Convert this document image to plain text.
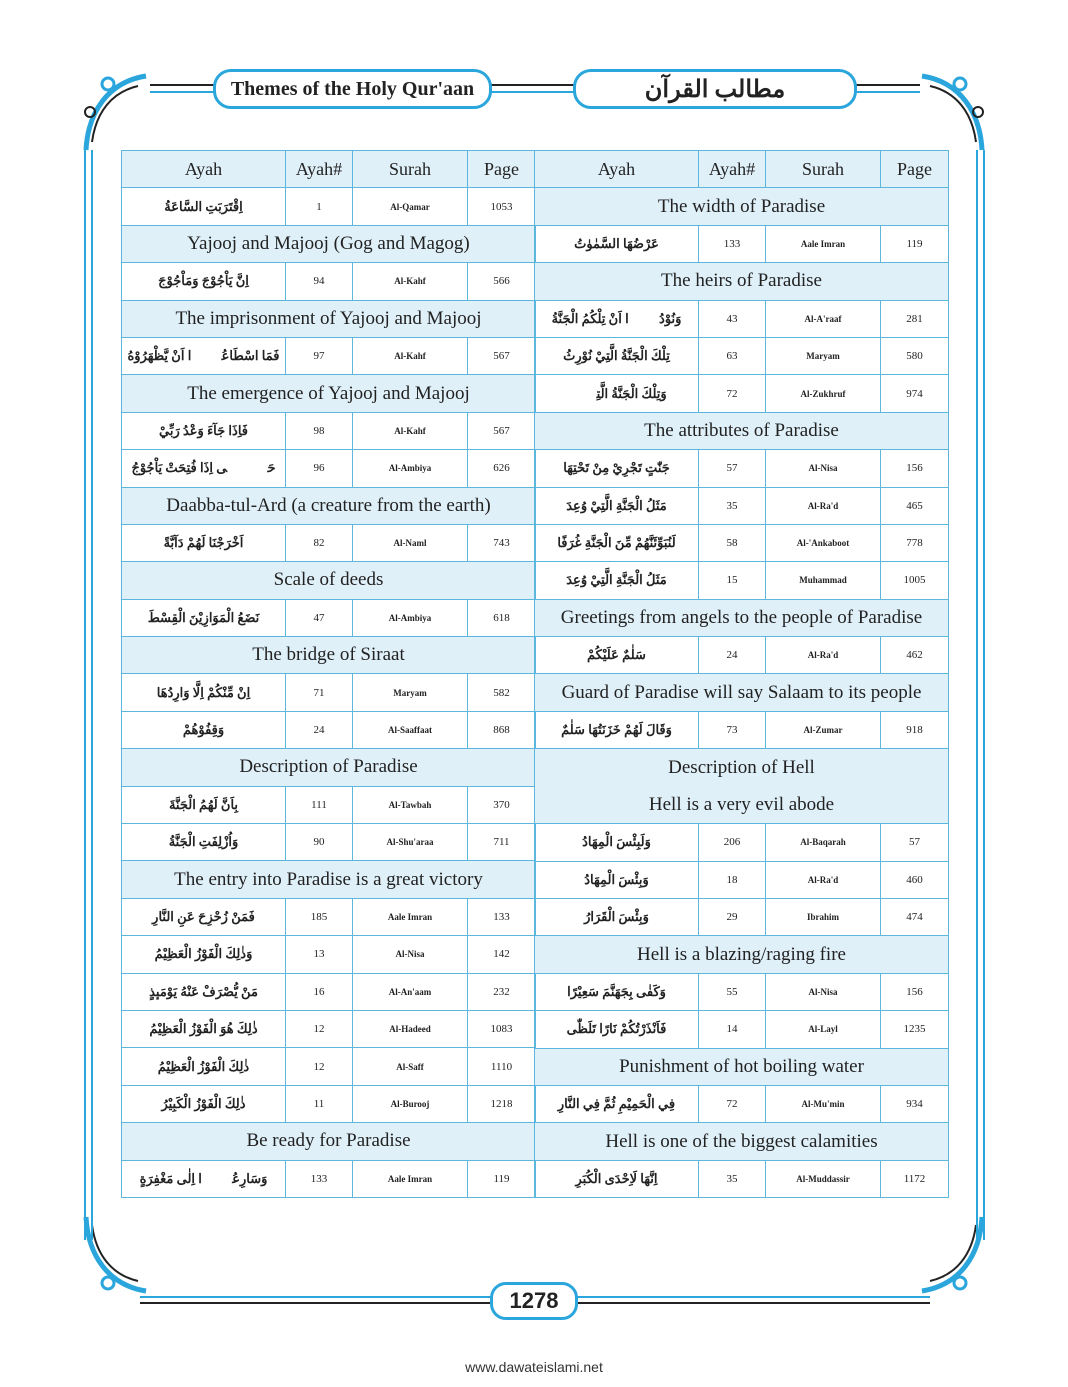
Themes of the Holy Qur'aan	مطالب القرآن
Ayah	Ayah#	Surah	Page
اِقْتَرَبَتِ السَّاعَةُ	1	Al-Qamar	1053
Yajooj and Majooj (Gog and Magog)			
اِنَّ يَاْجُوْجَ وَمَاْجُوْجَ	94	Al-Kahf	566
The imprisonment of Yajooj and Majooj			
فَمَا اسْطَاعُوْۤا اَنْ يَّظْهَرُوْهُ	97	Al-Kahf	567
The emergence of Yajooj and Majooj			
فَاِذَا جَآءَ وَعْدُ رَبِّيْ	98	Al-Kahf	567
حَتّٰۤى اِذَا فُتِحَتْ يَاْجُوْجُ	96	Al-Ambiya	626
Daabba-tul-Ard (a creature from the earth)			
اَخْرَجْنَا لَهُمْ دَآبَّةً	82	Al-Naml	743
Scale of deeds			
نَضَعُ الْمَوَازِيْنَ الْقِسْطَ	47	Al-Ambiya	618
The bridge of Siraat			
اِنْ مِّنْكُمْ اِلَّا وَارِدُهَا	71	Maryam	582
وَقِفُوْهُمْ	24	Al-Saaffaat	868
Description of Paradise			
بِاَنَّ لَهُمُ الْجَنَّةَ	111	Al-Tawbah	370
وَاُزْلِفَتِ الْجَنَّةُ	90	Al-Shu'araa	711
The entry into Paradise is a great victory			
فَمَنْ زُحْزِحَ عَنِ النَّارِ	185	Aale Imran	133
وَذٰلِكَ الْفَوْزُ الْعَظِيْمُ	13	Al-Nisa	142
مَنْ يُّصْرَفْ عَنْهُ يَوْمَىٕذٍ	16	Al-An'aam	232
ذٰلِكَ هُوَ الْفَوْزُ الْعَظِيْمُ	12	Al-Hadeed	1083
ذٰلِكَ الْفَوْزُ الْعَظِيْمُ	12	Al-Saff	1110
ذٰلِكَ الْفَوْزُ الْكَبِيْرُ	11	Al-Burooj	1218
Be ready for Paradise			
وَسَارِعُوْۤا اِلٰى مَغْفِرَةٍ	133	Aale Imran	119
Ayah	Ayah#	Surah	Page
The width of Paradise			
عَرْضُهَا السَّمٰوٰتُ	133	Aale Imran	119
The heirs of Paradise			
وَنُوْدُوْۤا اَنْ تِلْكُمُ الْجَنَّةُ	43	Al-A'raaf	281
تِلْكَ الْجَنَّةُ الَّتِيْ نُوْرِثُ	63	Maryam	580
وَتِلْكَ الْجَنَّةُ الَّتِيْۤ	72	Al-Zukhruf	974
The attributes of Paradise			
جَنّٰتٍ تَجْرِيْ مِنْ تَحْتِهَا	57	Al-Nisa	156
مَثَلُ الْجَنَّةِ الَّتِيْ وُعِدَ	35	Al-Ra'd	465
لَنُبَوِّئَنَّهُمْ مِّنَ الْجَنَّةِ غُرَفًا	58	Al-'Ankaboot	778
مَثَلُ الْجَنَّةِ الَّتِيْ وُعِدَ	15	Muhammad	1005
Greetings from angels to the people of Paradise			
سَلٰمٌ عَلَيْكُمْ	24	Al-Ra'd	462
Guard of Paradise will say Salaam to its people			
وَقَالَ لَهُمْ خَزَنَتُهَا سَلٰمٌ	73	Al-Zumar	918

Description of Hell
Hell is a very evil abode			

وَلَبِئْسَ الْمِهَادُ	206	Al-Baqarah	57
وَبِئْسَ الْمِهَادُ	18	Al-Ra'd	460
وَبِئْسَ الْقَرَارُ	29	Ibrahim	474
Hell is a blazing/raging fire			
وَكَفٰى بِجَهَنَّمَ سَعِيْرًا	55	Al-Nisa	156
فَاَنْذَرْتُكُمْ نَارًا تَلَظّٰى	14	Al-Layl	1235
Punishment of hot boiling water			
فِي الْحَمِيْمِ ثُمَّ فِي النَّارِ	72	Al-Mu'min	934
Hell is one of the biggest calamities			
اِنَّهَا لَاِحْدَى الْكُبَرِ	35	Al-Muddassir	1172
1278
www.dawateislami.net
